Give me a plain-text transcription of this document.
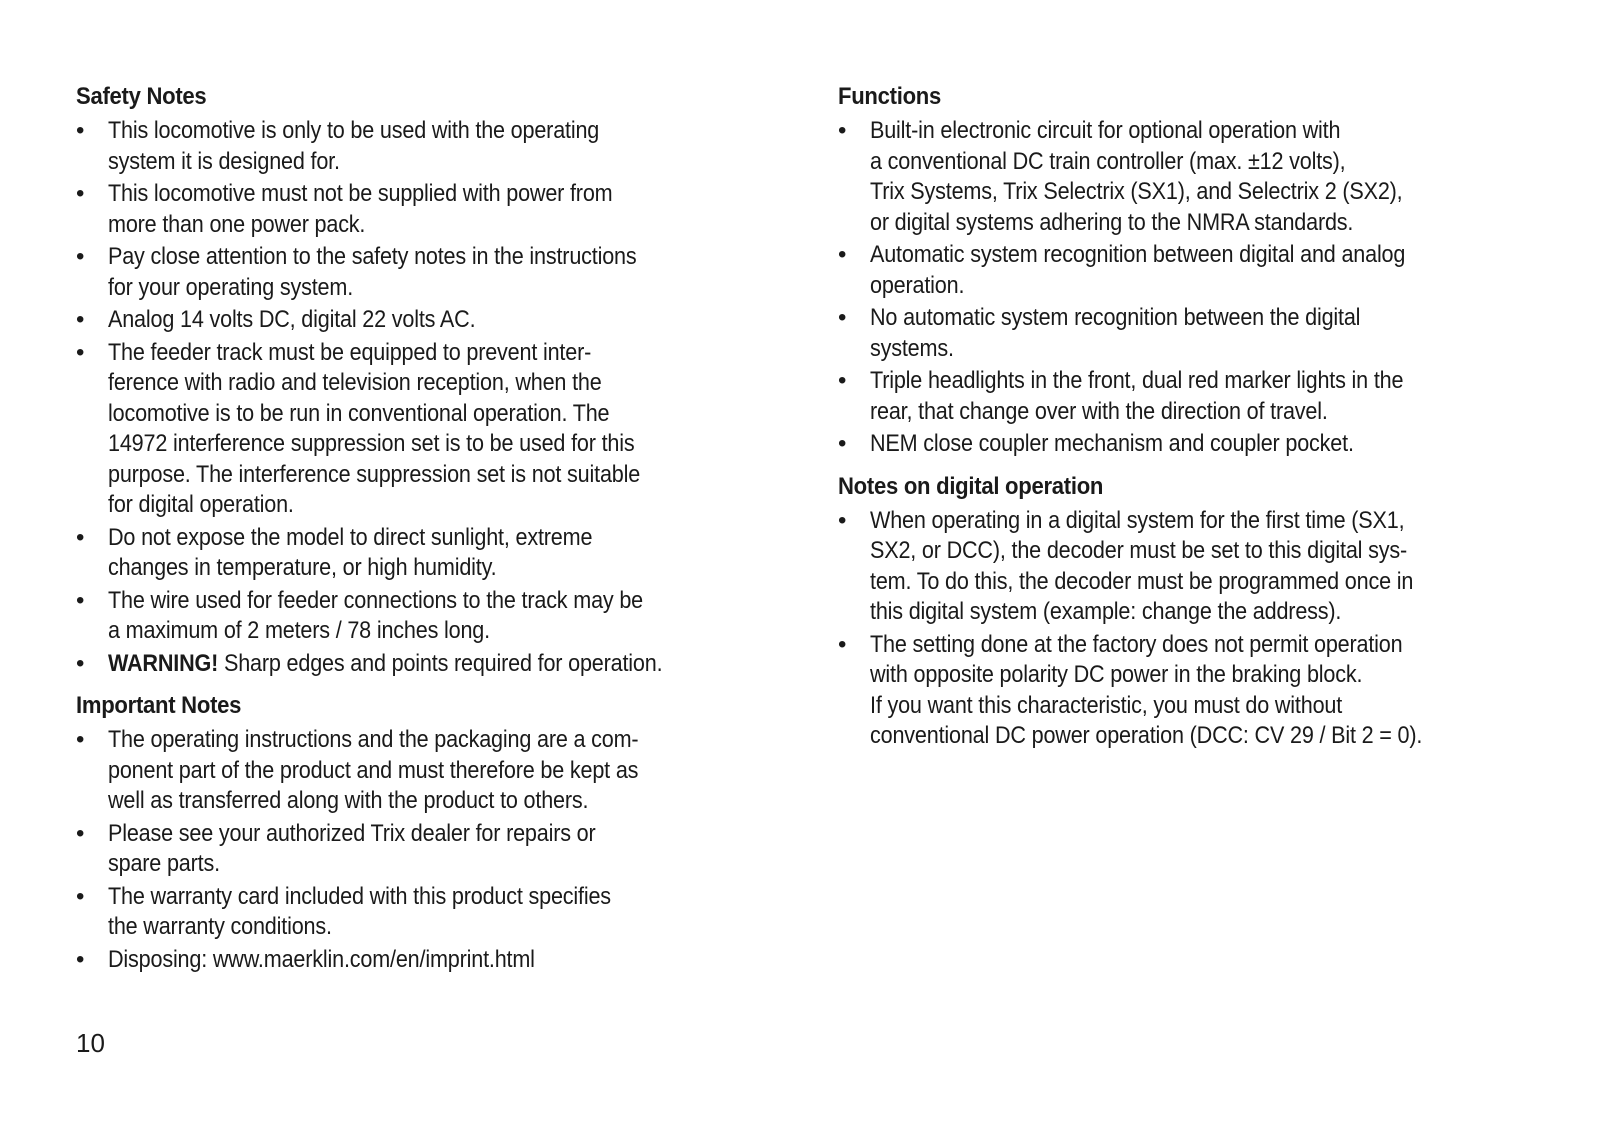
Safety Notes
• This locomotive is only to be used with the operating
system it is designed for.
• This locomotive must not be supplied with power from
more than one power pack.
• Pay close attention to the safety notes in the instructions
for your operating system.
• Analog 14 volts DC, digital 22 volts AC.
• The feeder track must be equipped to prevent inter-
ference with radio and television reception, when the
locomotive is to be run in conventional operation. The
14972 interference suppression set is to be used for this
purpose. The interference suppression set is not suitable
for digital operation.
• Do not expose the model to direct sunlight, extreme
changes in temperature, or high humidity.
• The wire used for feeder connections to the track may be
a maximum of 2 meters / 78 inches long.
• WARNING! Sharp edges and points required for operation.
Important Notes
• The operating instructions and the packaging are a com-
ponent part of the product and must therefore be kept as
well as transferred along with the product to others.
• Please see your authorized Trix dealer for repairs or
spare parts.
• The warranty card included with this product specifies
the warranty conditions.
• Disposing: www.maerklin.com/en/imprint.html
Functions
• Built-in electronic circuit for optional operation with
a conventional DC train controller (max. ±12 volts),
Trix Systems, Trix Selectrix (SX1), and Selectrix 2 (SX2),
or digital systems adhering to the NMRA standards.
• Automatic system recognition between digital and analog
operation.
• No automatic system recognition between the digital
systems.
• Triple headlights in the front, dual red marker lights in the
rear, that change over with the direction of travel.
• NEM close coupler mechanism and coupler pocket.
Notes on digital operation
• When operating in a digital system for the first time (SX1,
SX2, or DCC), the decoder must be set to this digital sys-
tem. To do this, the decoder must be programmed once in
this digital system (example: change the address).
• The setting done at the factory does not permit operation
with opposite polarity DC power in the braking block.
If you want this characteristic, you must do without
conventional DC power operation (DCC: CV 29 / Bit 2 = 0).
10
